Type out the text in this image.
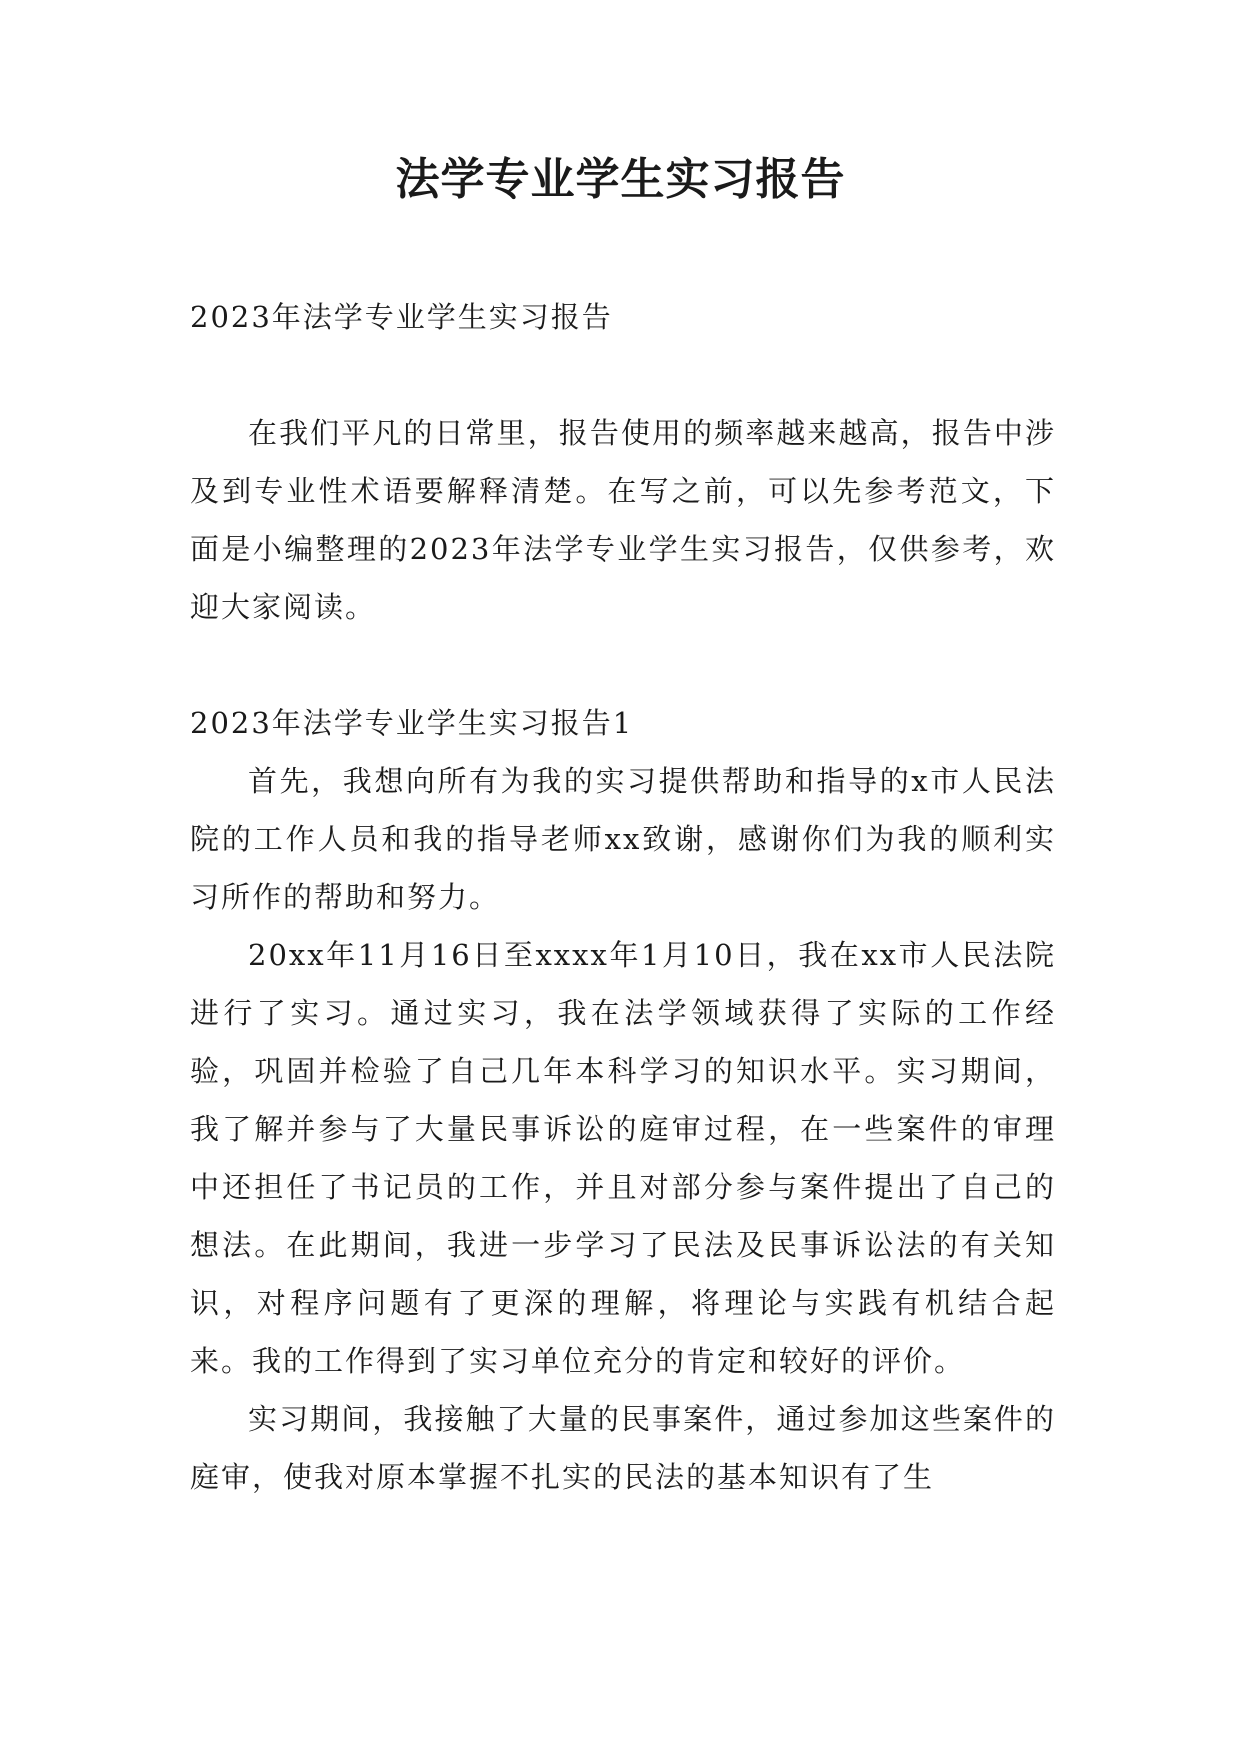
法学专业学生实习报告

2023年法学专业学生实习报告

在我们平凡的日常里，报告使用的频率越来越高，报告中涉及到专业性术语要解释清楚。在写之前，可以先参考范文，下面是小编整理的2023年法学专业学生实习报告，仅供参考，欢迎大家阅读。

2023年法学专业学生实习报告1

首先，我想向所有为我的实习提供帮助和指导的x市人民法院的工作人员和我的指导老师xx致谢，感谢你们为我的顺利实习所作的帮助和努力。

20xx年11月16日至xxxx年1月10日，我在xx市人民法院进行了实习。通过实习，我在法学领域获得了实际的工作经验，巩固并检验了自己几年本科学习的知识水平。实习期间，我了解并参与了大量民事诉讼的庭审过程，在一些案件的审理中还担任了书记员的工作，并且对部分参与案件提出了自己的想法。在此期间，我进一步学习了民法及民事诉讼法的有关知识，对程序问题有了更深的理解，将理论与实践有机结合起来。我的工作得到了实习单位充分的肯定和较好的评价。

实习期间，我接触了大量的民事案件，通过参加这些案件的庭审，使我对原本掌握不扎实的民法的基本知识有了生
